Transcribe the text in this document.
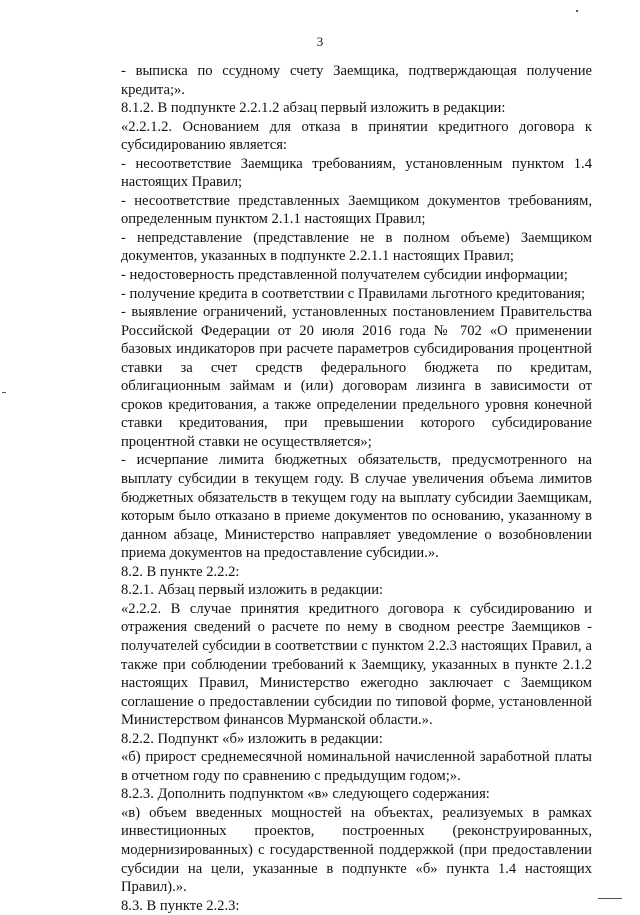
3

- выписка по ссудному счету Заемщика, подтверждающая получение кредита;».

8.1.2. В подпункте 2.2.1.2 абзац первый изложить в редакции:

«2.2.1.2. Основанием для отказа в принятии кредитного договора к субсидированию является:

- несоответствие Заемщика требованиям, установленным пунктом 1.4 настоящих Правил;

- несоответствие представленных Заемщиком документов требованиям, определенным пунктом 2.1.1 настоящих Правил;

- непредставление (представление не в полном объеме) Заемщиком документов, указанных в подпункте 2.2.1.1 настоящих Правил;

- недостоверность представленной получателем субсидии информации;

- получение кредита в соответствии с Правилами льготного кредитования;

- выявление ограничений, установленных постановлением Правительства Российской Федерации от 20 июля 2016 года № 702 «О применении базовых индикаторов при расчете параметров субсидирования процентной ставки за счет средств федерального бюджета по кредитам, облигационным займам и (или) договорам лизинга в зависимости от сроков кредитования, а также определении предельного уровня конечной ставки кредитования, при превышении которого субсидирование процентной ставки не осуществляется»;

- исчерпание лимита бюджетных обязательств, предусмотренного на выплату субсидии в текущем году. В случае увеличения объема лимитов бюджетных обязательств в текущем году на выплату субсидии Заемщикам, которым было отказано в приеме документов по основанию, указанному в данном абзаце, Министерство направляет уведомление о возобновлении приема документов на предоставление субсидии.».

8.2. В пункте 2.2.2:

8.2.1. Абзац первый изложить в редакции:

«2.2.2. В случае принятия кредитного договора к субсидированию и отражения сведений о расчете по нему в сводном реестре Заемщиков - получателей субсидии в соответствии с пунктом 2.2.3 настоящих Правил, а также при соблюдении требований к Заемщику, указанных в пункте 2.1.2 настоящих Правил, Министерство ежегодно заключает с Заемщиком соглашение о предоставлении субсидии по типовой форме, установленной Министерством финансов Мурманской области.».

8.2.2. Подпункт «б» изложить в редакции:

«б) прирост среднемесячной номинальной начисленной заработной платы в отчетном году по сравнению с предыдущим годом;».

8.2.3. Дополнить подпунктом «в» следующего содержания:

«в) объем введенных мощностей на объектах, реализуемых в рамках инвестиционных проектов, построенных (реконструированных, модернизированных) с государственной поддержкой (при предоставлении субсидии на цели, указанные в подпункте «б» пункта 1.4 настоящих Правил).».

8.3. В пункте 2.2.3:
